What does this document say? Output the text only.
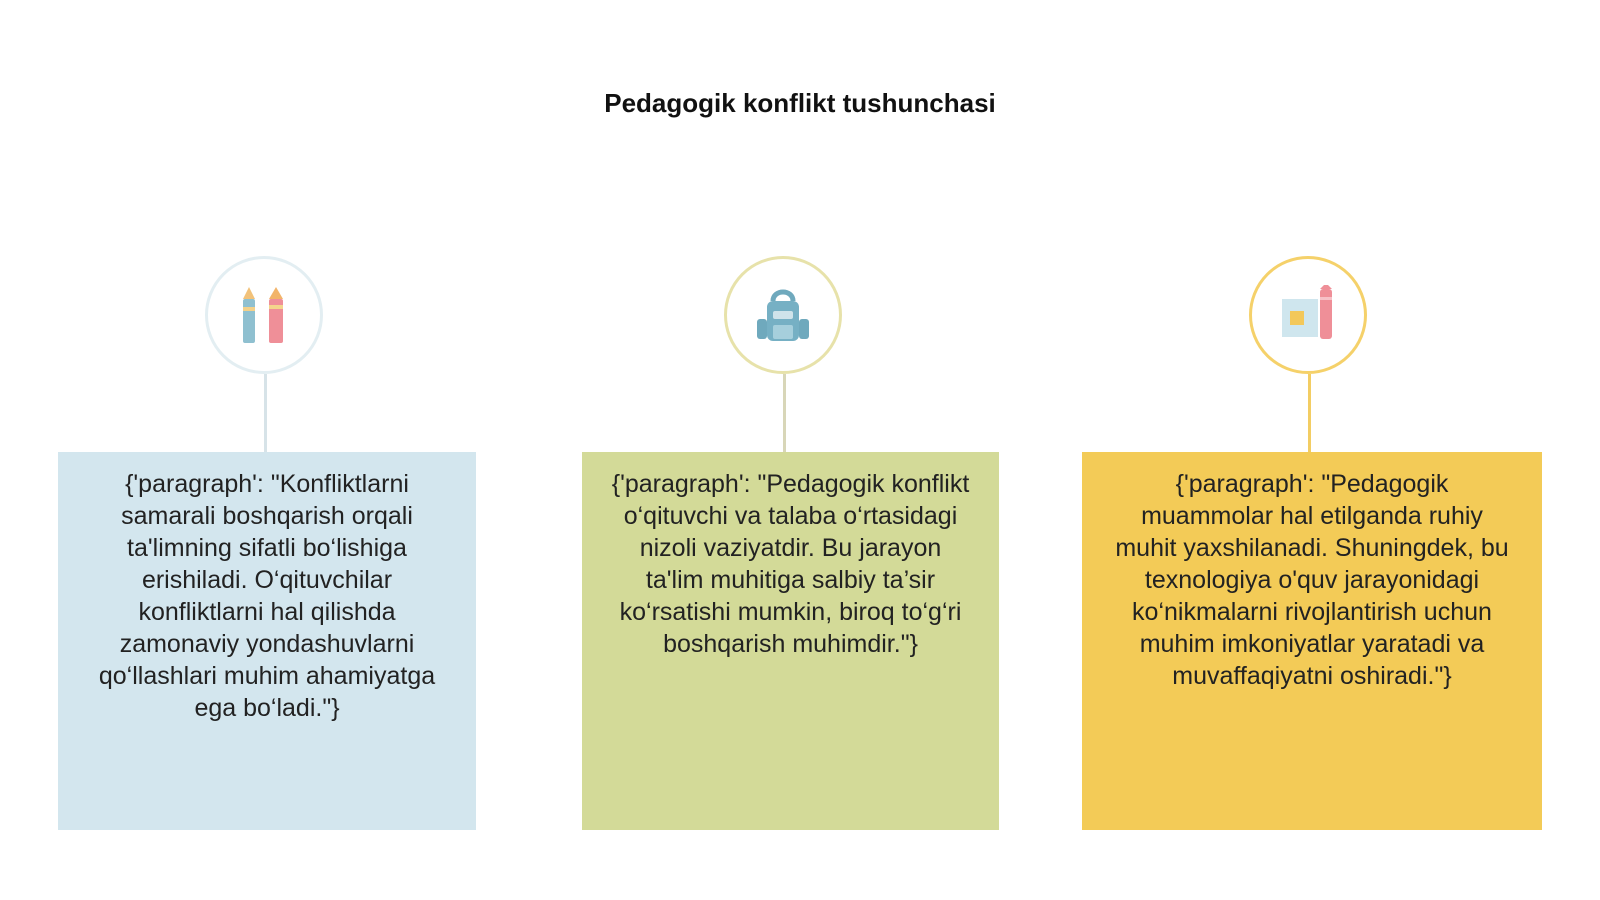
Pedagogik konflikt tushunchasi
{'paragraph': "Konfliktlarni samarali boshqarish orqali ta'limning sifatli bo‘lishiga erishiladi. O‘qituvchilar konfliktlarni hal qilishda zamonaviy yondashuvlarni qo‘llashlari muhim ahamiyatga ega bo‘ladi."}
{'paragraph': "Pedagogik konflikt o‘qituvchi va talaba o‘rtasidagi nizoli vaziyatdir. Bu jarayon ta'lim muhitiga salbiy ta’sir ko‘rsatishi mumkin, biroq to‘g‘ri boshqarish muhimdir."}
{'paragraph': "Pedagogik muammolar hal etilganda ruhiy muhit yaxshilanadi. Shuningdek, bu texnologiya o'quv jarayonidagi ko‘nikmalarni rivojlantirish uchun muhim imkoniyatlar yaratadi va muvaffaqiyatni oshiradi."}
